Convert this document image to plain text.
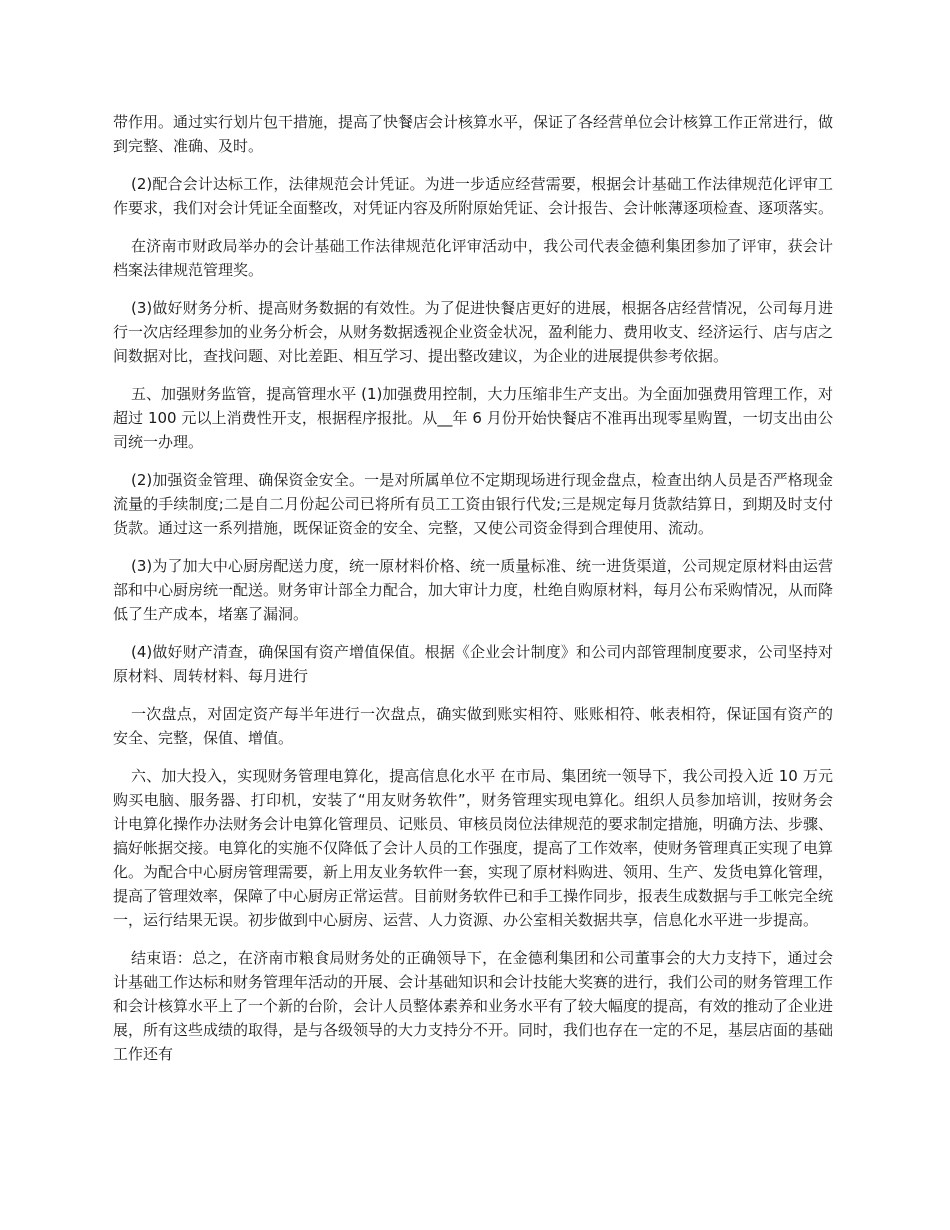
带作用。通过实行划片包干措施，提高了快餐店会计核算水平，保证了各经营单位会计核算工作正常进行，做到完整、准确、及时。

(2)配合会计达标工作，法律规范会计凭证。为进一步适应经营需要，根据会计基础工作法律规范化评审工作要求，我们对会计凭证全面整改，对凭证内容及所附原始凭证、会计报告、会计帐薄逐项检查、逐项落实。

在济南市财政局举办的会计基础工作法律规范化评审活动中，我公司代表金德利集团参加了评审，获会计档案法律规范管理奖。

(3)做好财务分析、提高财务数据的有效性。为了促进快餐店更好的进展，根据各店经营情况，公司每月进行一次店经理参加的业务分析会，从财务数据透视企业资金状况，盈利能力、费用收支、经济运行、店与店之间数据对比，查找问题、对比差距、相互学习、提出整改建议，为企业的进展提供参考依据。

五、加强财务监管，提高管理水平 (1)加强费用控制，大力压缩非生产支出。为全面加强费用管理工作，对超过 100 元以上消费性开支，根据程序报批。从__年 6 月份开始快餐店不准再出现零星购置，一切支出由公司统一办理。

(2)加强资金管理、确保资金安全。一是对所属单位不定期现场进行现金盘点，检查出纳人员是否严格现金流量的手续制度;二是自二月份起公司已将所有员工工资由银行代发;三是规定每月货款结算日，到期及时支付货款。通过这一系列措施，既保证资金的安全、完整，又使公司资金得到合理使用、流动。

(3)为了加大中心厨房配送力度，统一原材料价格、统一质量标准、统一进货渠道，公司规定原材料由运营部和中心厨房统一配送。财务审计部全力配合，加大审计力度，杜绝自购原材料，每月公布采购情况，从而降低了生产成本，堵塞了漏洞。

(4)做好财产清查，确保国有资产增值保值。根据《企业会计制度》和公司内部管理制度要求，公司坚持对原材料、周转材料、每月进行

一次盘点，对固定资产每半年进行一次盘点，确实做到账实相符、账账相符、帐表相符，保证国有资产的安全、完整，保值、增值。

六、加大投入，实现财务管理电算化，提高信息化水平 在市局、集团统一领导下，我公司投入近 10 万元购买电脑、服务器、打印机，安装了“用友财务软件”，财务管理实现电算化。组织人员参加培训，按财务会计电算化操作办法财务会计电算化管理员、记账员、审核员岗位法律规范的要求制定措施，明确方法、步骤、搞好帐据交接。电算化的实施不仅降低了会计人员的工作强度，提高了工作效率，使财务管理真正实现了电算化。为配合中心厨房管理需要，新上用友业务软件一套，实现了原材料购进、领用、生产、发货电算化管理，提高了管理效率，保障了中心厨房正常运营。目前财务软件已和手工操作同步，报表生成数据与手工帐完全统一，运行结果无误。初步做到中心厨房、运营、人力资源、办公室相关数据共享，信息化水平进一步提高。

结束语：总之，在济南市粮食局财务处的正确领导下，在金德利集团和公司董事会的大力支持下，通过会计基础工作达标和财务管理年活动的开展、会计基础知识和会计技能大奖赛的进行，我们公司的财务管理工作和会计核算水平上了一个新的台阶，会计人员整体素养和业务水平有了较大幅度的提高，有效的推动了企业进展，所有这些成绩的取得，是与各级领导的大力支持分不开。同时，我们也存在一定的不足，基层店面的基础工作还有
